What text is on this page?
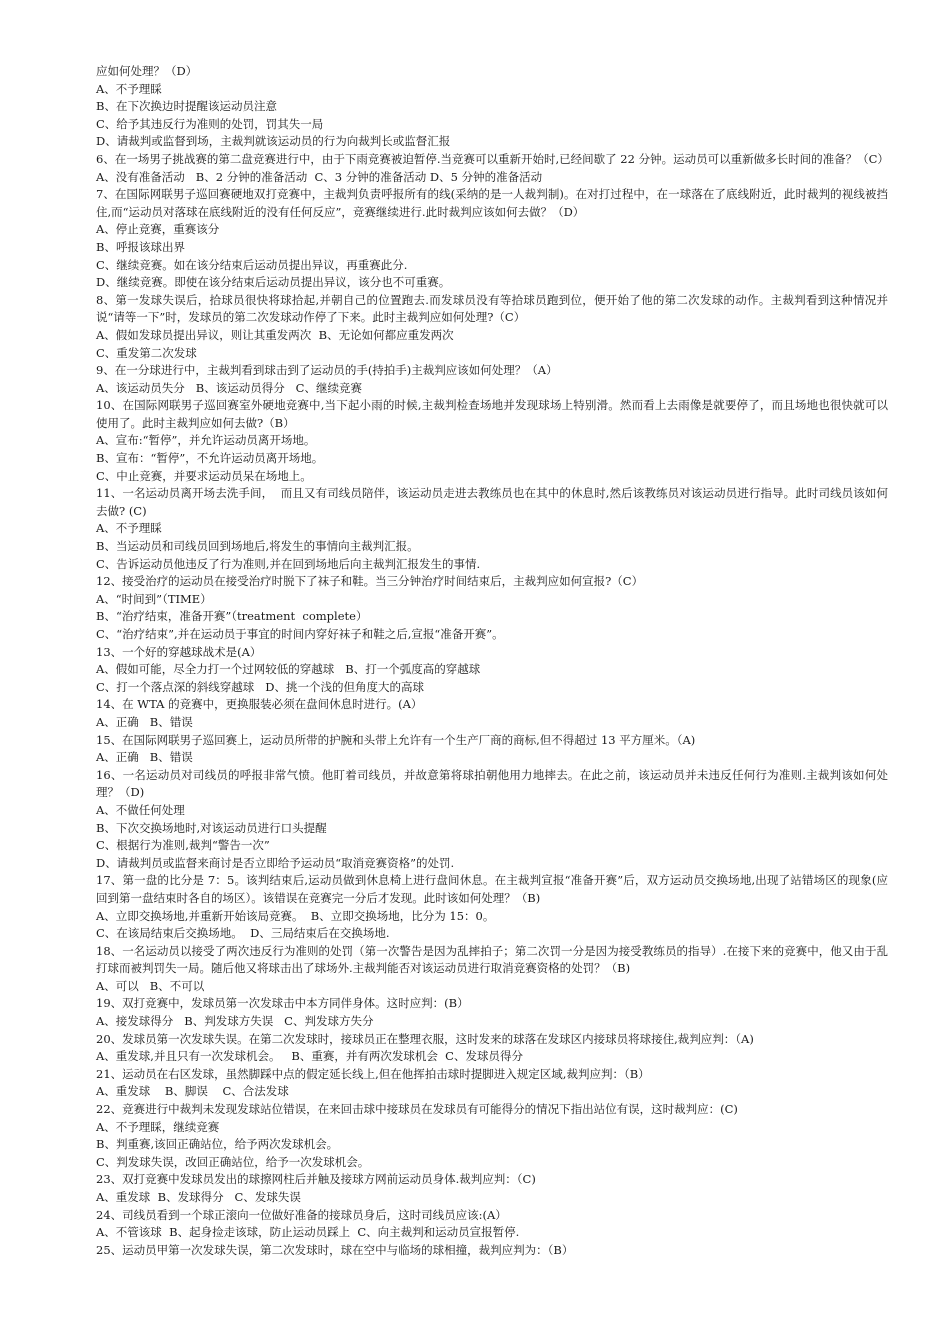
应如何处理？（D）

A、不予理睬

B、在下次换边时提醒该运动员注意

C、给予其违反行为准则的处罚，罚其失一局

D、请裁判或监督到场，主裁判就该运动员的行为向裁判长或监督汇报

6、在一场男子挑战赛的第二盘竞赛进行中，由于下雨竞赛被迫暂停.当竞赛可以重新开始时,已经间歇了 22 分钟。运动员可以重新做多长时间的准备？（C）

A、没有准备活动   B、2 分钟的准备活动  C、3 分钟的准备活动 D、5 分钟的准备活动

7、在国际网联男子巡回赛硬地双打竞赛中，主裁判负责呼报所有的线(采纳的是一人裁判制)。在对打过程中，在一球落在了底线附近，此时裁判的视线被挡住,而“运动员对落球在底线附近的没有任何反应”，竞赛继续进行.此时裁判应该如何去做？（D）

A、停止竞赛，重赛该分

B、呼报该球出界

C、继续竞赛。如在该分结束后运动员提出异议，再重赛此分.

D、继续竞赛。即使在该分结束后运动员提出异议，该分也不可重赛。

8、第一发球失误后，拾球员很快将球拾起,并朝自己的位置跑去.而发球员没有等拾球员跑到位，便开始了他的第二次发球的动作。主裁判看到这种情况并说“请等一下”时，发球员的第二次发球动作停了下来。此时主裁判应如何处理?（C）

A、假如发球员提出异议，则让其重发两次  B、无论如何都应重发两次

C、重发第二次发球

9、在一分球进行中，主裁判看到球击到了运动员的手(持拍手)主裁判应该如何处理？（A）

A、该运动员失分   B、该运动员得分   C、继续竞赛

10、在国际网联男子巡回赛室外硬地竞赛中,当下起小雨的时候,主裁判检查场地并发现球场上特别滑。然而看上去雨像是就要停了，而且场地也很快就可以使用了。此时主裁判应如何去做?（B）

A、宣布:“暂停”，并允许运动员离开场地。

B、宣布：“暂停”，不允许运动员离开场地。

C、中止竞赛，并要求运动员呆在场地上。

11、一名运动员离开场去洗手间，  而且又有司线员陪伴，该运动员走进去教练员也在其中的休息时,然后该教练员对该运动员进行指导。此时司线员该如何去做? (C)

A、不予理睬

B、当运动员和司线员回到场地后,将发生的事情向主裁判汇报。

C、告诉运动员他违反了行为准则,并在回到场地后向主裁判汇报发生的事情.

12、接受治疗的运动员在接受治疗时脱下了袜子和鞋。当三分钟治疗时间结束后，主裁判应如何宣报?（C）

A、“时间到”（TIME）

B、“治疗结束，准备开赛”（treatment  complete）

C、“治疗结束”,并在运动员于事宜的时间内穿好袜子和鞋之后,宣报“准备开赛”。

13、一个好的穿越球战术是(A）

A、假如可能，尽全力打一个过网较低的穿越球   B、打一个弧度高的穿越球

C、打一个落点深的斜线穿越球   D、挑一个浅的但角度大的高球

14、在 WTA 的竞赛中，更换服装必须在盘间休息时进行。(A）

A、正确   B、错误

15、在国际网联男子巡回赛上，运动员所带的护腕和头带上允许有一个生产厂商的商标,但不得超过 13 平方厘米。（A)

A、正确   B、错误

16、一名运动员对司线员的呼报非常气愤。他盯着司线员，并故意第将球拍朝他用力地摔去。在此之前，该运动员并未违反任何行为准则.主裁判该如何处理？（D)

A、不做任何处理

B、下次交换场地时,对该运动员进行口头提醒

C、根据行为准则,裁判“警告一次”

D、请裁判员或监督来商讨是否立即给予运动员“取消竞赛资格”的处罚.

17、第一盘的比分是 7：5。该判结束后,运动员做到休息椅上进行盘间休息。在主裁判宣报“准备开赛”后，双方运动员交换场地,出现了站错场区的现象(应回到第一盘结束时各自的场区）。该错误在竞赛完一分后才发现。此时该如何处理？（B)

A、立即交换场地,并重新开始该局竞赛。  B、立即交换场地，比分为 15：0。

C、在该局结束后交换场地。  D、三局结束后在交换场地.

18、一名运动员以接受了两次违反行为准则的处罚（第一次警告是因为乱摔拍子；第二次罚一分是因为接受教练员的指导）.在接下来的竞赛中，他又由于乱打球而被判罚失一局。随后他又将球击出了球场外.主裁判能否对该运动员进行取消竞赛资格的处罚？（B)

A、可以   B、不可以

19、双打竞赛中，发球员第一次发球击中本方同伴身体。这时应判：(B）

A、接发球得分   B、判发球方失误   C、判发球方失分

20、发球员第一次发球失误。在第二次发球时，接球员正在整理衣服，这时发来的球落在发球区内接球员将球接住,裁判应判：（A)

A、重发球,并且只有一次发球机会。   B、重赛，并有两次发球机会  C、发球员得分

21、运动员在右区发球，虽然脚踩中点的假定延长线上,但在他挥拍击球时提脚进入规定区域,裁判应判：（B）

A、重发球    B、脚误    C、合法发球

22、竞赛进行中裁判未发现发球站位错误，在来回击球中接球员在发球员有可能得分的情况下指出站位有误，这时裁判应：(C)

A、不予理睬，继续竞赛

B、判重赛,该回正确站位，给予两次发球机会。

C、判发球失误，改回正确站位，给予一次发球机会。

23、双打竞赛中发球员发出的球擦网柱后并触及接球方网前运动员身体.裁判应判：（C)

A、重发球  B、发球得分   C、发球失误

24、司线员看到一个球正滚向一位做好准备的接球员身后，这时司线员应该:(A）

A、不管该球  B、起身捡走该球，防止运动员踩上  C、向主裁判和运动员宣报暂停.

25、运动员甲第一次发球失误，第二次发球时，球在空中与临场的球相撞，裁判应判为：（B）
